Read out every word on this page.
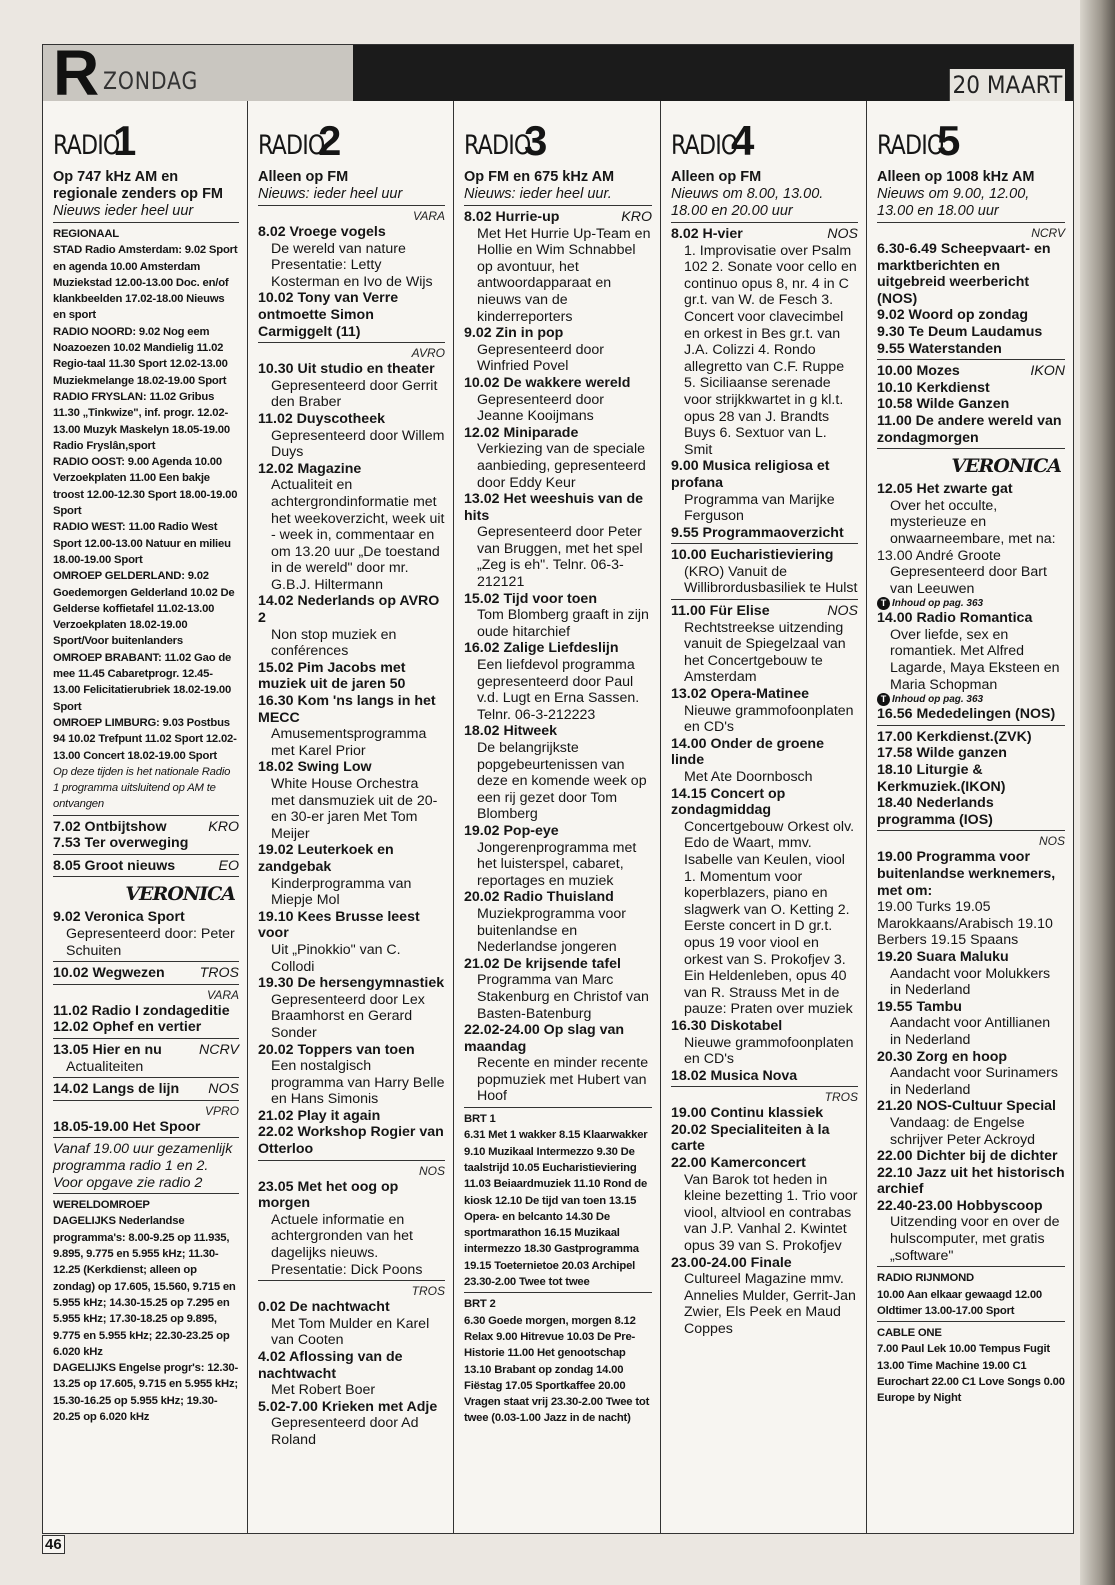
R ZONDAG	20 MAART
RADIO
1
Op 747 kHz AM en regionale zenders op FM
Nieuws ieder heel uur
REGIONAAL
STAD Radio Amsterdam: 9.02 Sport en agenda 10.00 Amsterdam Muziekstad 12.00-13.00 Doc. en/of klankbeelden 17.02-18.00 Nieuws en sport
RADIO NOORD: 9.02 Nog eem Noazoezen 10.02 Mandielig 11.02 Regio-taal 11.30 Sport 12.02-13.00 Muziekmelange 18.02-19.00 Sport
RADIO FRYSLAN: 11.02 Gribus 11.30 „Tinkwize", inf. progr. 12.02-13.00 Muzyk Maskelyn 18.05-19.00 Radio Fryslân,sport
RADIO OOST: 9.00 Agenda 10.00 Verzoekplaten 11.00 Een bakje troost 12.00-12.30 Sport 18.00-19.00 Sport
RADIO WEST: 11.00 Radio West Sport 12.00-13.00 Natuur en milieu 18.00-19.00 Sport
OMROEP GELDERLAND: 9.02 Goedemorgen Gelderland 10.02 De Gelderse koffietafel 11.02-13.00 Verzoekplaten 18.02-19.00 Sport/Voor buitenlanders
OMROEP BRABANT: 11.02 Gao de mee 11.45 Cabaretprogr. 12.45-13.00 Felicitatierubriek 18.02-19.00 Sport
OMROEP LIMBURG: 9.03 Postbus 94 10.02 Trefpunt 11.02 Sport 12.02-13.00 Concert 18.02-19.00 Sport
Op deze tijden is het nationale Radio 1 programma uitsluitend op AM te ontvangen

7.02 Ontbijtshow	KRO

7.53 Ter overweging

8.05 Groot nieuws	EO

VERONICA

9.02 Veronica Sport
Gepresenteerd door: Peter Schuiten

10.02 Wegwezen TROS

VARA

11.02 Radio I zondageditie

12.02 Ophef en vertier

13.05 Hier en nu	NCRV
Actualiteiten

14.02 Langs de lijn NOS

VPRO

18.05-19.00 Het Spoor

Vanaf 19.00 uur gezamenlijk programma radio 1 en 2. Voor opgave zie radio 2

WERELDOMROEP
DAGELIJKS Nederlandse programma's: 8.00-9.25 op 11.935, 9.895, 9.775 en 5.955 kHz; 11.30-12.25 (Kerkdienst; alleen op zondag) op 17.605, 15.560, 9.715 en 5.955 kHz; 14.30-15.25 op 7.295 en 5.955 kHz; 17.30-18.25 op 9.895, 9.775 en 5.955 kHz; 22.30-23.25 op 6.020 kHz
DAGELIJKS Engelse progr's: 12.30-13.25 op 17.605, 9.715 en 5.955 kHz; 15.30-16.25 op 5.955 kHz; 19.30-20.25 op 6.020 kHz
RADIO
2
Alleen op FM
Nieuws: ieder heel uur
VARA

8.02 Vroege vogels
De wereld van nature Presentatie: Letty Kosterman en Ivo de Wijs

10.02 Tony van Verre ontmoette Simon Carmiggelt (11)

AVRO

10.30 Uit studio en theater
Gepresenteerd door Gerrit den Braber

11.02 Duyscotheek
Gepresenteerd door Willem Duys

12.02 Magazine
Actualiteit en achtergrondinformatie met het weekoverzicht, week uit - week in, commentaar en om 13.20 uur „De toestand in de wereld" door mr. G.B.J. Hiltermann

14.02 Nederlands op AVRO 2
Non stop muziek en conférences

15.02 Pim Jacobs met muziek uit de jaren 50

16.30 Kom 'ns langs in het MECC
Amusementsprogramma met Karel Prior

18.02 Swing Low
White House Orchestra met dansmuziek uit de 20- en 30-er jaren Met Tom Meijer

19.02 Leuterkoek en zandgebak
Kinderprogramma van Miepje Mol

19.10 Kees Brusse leest voor
Uit „Pinokkio" van C. Collodi

19.30 De hersengymnastiek
Gepresenteerd door Lex Braamhorst en Gerard Sonder

20.02 Toppers van toen
Een nostalgisch programma van Harry Belle en Hans Simonis

21.02 Play it again

22.02 Workshop Rogier van Otterloo

NOS

23.05 Met het oog op morgen
Actuele informatie en achtergronden van het dagelijks nieuws. Presentatie: Dick Poons

TROS

0.02 De nachtwacht
Met Tom Mulder en Karel van Cooten

4.02 Aflossing van de nachtwacht
Met Robert Boer

5.02-7.00 Krieken met Adje
Gepresenteerd door Ad Roland

RADIO
3
Op FM en 675 kHz AM
Nieuws: ieder heel uur.

8.02 Hurrie-up	KRO
Met Het Hurrie Up-Team en Hollie en Wim Schnabbel op avontuur, het antwoordapparaat en nieuws van de kinderreporters

9.02 Zin in pop
Gepresenteerd door Winfried Povel

10.02 De wakkere wereld
Gepresenteerd door Jeanne Kooijmans

12.02 Miniparade
Verkiezing van de speciale aanbieding, gepresenteerd door Eddy Keur

13.02 Het weeshuis van de hits
Gepresenteerd door Peter van Bruggen, met het spel „Zeg is eh". Telnr. 06-3-212121

15.02 Tijd voor toen
Tom Blomberg graaft in zijn oude hitarchief

16.02 Zalige Liefdeslijn
Een liefdevol programma gepresenteerd door Paul v.d. Lugt en Erna Sassen. Telnr. 06-3-212223

18.02 Hitweek
De belangrijkste popgebeurtenissen van deze en komende week op een rij gezet door Tom Blomberg

19.02 Pop-eye
Jongerenprogramma met het luisterspel, cabaret, reportages en muziek

20.02 Radio Thuisland
Muziekprogramma voor buitenlandse en Nederlandse jongeren

21.02 De krijsende tafel
Programma van Marc Stakenburg en Christof van Basten-Batenburg

22.02-24.00 Op slag van maandag
Recente en minder recente popmuziek met Hubert van Hoof

BRT 1
6.31 Met 1 wakker 8.15 Klaarwakker 9.10 Muzikaal Intermezzo 9.30 De taalstrijd 10.05 Eucharistieviering 11.03 Beiaardmuziek 11.10 Rond de kiosk 12.10 De tijd van toen 13.15 Opera- en belcanto 14.30 De sportmarathon 16.15 Muzikaal intermezzo 18.30 Gastprogramma 19.15 Toeternietoe 20.03 Archipel 23.30-2.00 Twee tot twee
BRT 2
6.30 Goede morgen, morgen 8.12 Relax 9.00 Hitrevue 10.03 De Pre-Historie 11.00 Het genootschap 13.10 Brabant op zondag 14.00 Fiëstag 17.05 Sportkaffee 20.00 Vragen staat vrij 23.30-2.00 Twee tot twee (0.03-1.00 Jazz in de nacht)
RADIO
4
Alleen op FM
Nieuws om 8.00, 13.00. 18.00 en 20.00 uur

8.02 H-vier	NOS
1. Improvisatie over Psalm 102 2. Sonate voor cello en continuo opus 8, nr. 4 in C gr.t. van W. de Fesch 3. Concert voor clavecimbel en orkest in Bes gr.t. van J.A. Colizzi 4. Rondo allegretto van C.F. Ruppe 5. Siciliaanse serenade voor strijkkwartet in g kl.t. opus 28 van J. Brandts Buys 6. Sextuor van L. Smit

9.00 Musica religiosa et profana
Programma van Marijke Ferguson

9.55 Programmaoverzicht

10.00 Eucharistieviering
(KRO) Vanuit de Willibrordusbasiliek te Hulst

11.00 Für Elise	NOS
Rechtstreekse uitzending vanuit de Spiegelzaal van het Concertgebouw te Amsterdam

13.02 Opera-Matinee
Nieuwe grammofoonplaten en CD's

14.00 Onder de groene linde
Met Ate Doornbosch

14.15 Concert op zondagmiddag
Concertgebouw Orkest olv. Edo de Waart, mmv. Isabelle van Keulen, viool 1. Momentum voor koperblazers, piano en slagwerk van O. Ketting 2. Eerste concert in D gr.t. opus 19 voor viool en orkest van S. Prokofjev 3. Ein Heldenleben, opus 40 van R. Strauss Met in de pauze: Praten over muziek

16.30 Diskotabel
Nieuwe grammofoonplaten en CD's

18.02 Musica Nova

TROS

19.00 Continu klassiek

20.02 Specialiteiten à la carte

22.00 Kamerconcert
Van Barok tot heden in kleine bezetting 1. Trio voor viool, altviool en contrabas van J.P. Vanhal 2. Kwintet opus 39 van S. Prokofjev

23.00-24.00 Finale
Cultureel Magazine mmv. Annelies Mulder, Gerrit-Jan Zwier, Els Peek en Maud Coppes

RADIO
5
Alleen op 1008 kHz AM
Nieuws om 9.00, 12.00, 13.00 en 18.00 uur
NCRV

6.30-6.49 Scheepvaart- en marktberichten en uitgebreid weerbericht (NOS)

9.02 Woord op zondag

9.30 Te Deum Laudamus

9.55 Waterstanden

10.00 Mozes	IKON

10.10 Kerkdienst

10.58 Wilde Ganzen

11.00 De andere wereld van zondagmorgen

VERONICA

12.05 Het zwarte gat
Over het occulte, mysterieuze en onwaarneembare, met na:

13.00 André Groote
Gepresenteerd door Bart van Leeuwen

T Inhoud op pag. 363

14.00 Radio Romantica
Over liefde, sex en romantiek. Met Alfred Lagarde, Maya Eksteen en Maria Schopman

T Inhoud op pag. 363

16.56 Mededelingen (NOS)

17.00 Kerkdienst.(ZVK)

17.58 Wilde ganzen

18.10 Liturgie & Kerkmuziek.(IKON)

18.40 Nederlands programma (IOS)

NOS

19.00 Programma voor buitenlandse werknemers, met om:
19.00 Turks 19.05 Marokkaans/Arabisch 19.10 Berbers 19.15 Spaans

19.20 Suara Maluku
Aandacht voor Molukkers in Nederland

19.55 Tambu
Aandacht voor Antillianen in Nederland

20.30 Zorg en hoop
Aandacht voor Surinamers in Nederland

21.20 NOS-Cultuur Special
Vandaag: de Engelse schrijver Peter Ackroyd

22.00 Dichter bij de dichter

22.10 Jazz uit het historisch archief

22.40-23.00 Hobbyscoop
Uitzending voor en over de hulscomputer, met gratis „software"

RADIO RIJNMOND
10.00 Aan elkaar gewaagd 12.00 Oldtimer 13.00-17.00 Sport
CABLE ONE
7.00 Paul Lek 10.00 Tempus Fugit 13.00 Time Machine 19.00 C1 Eurochart 22.00 C1 Love Songs 0.00 Europe by Night
46
